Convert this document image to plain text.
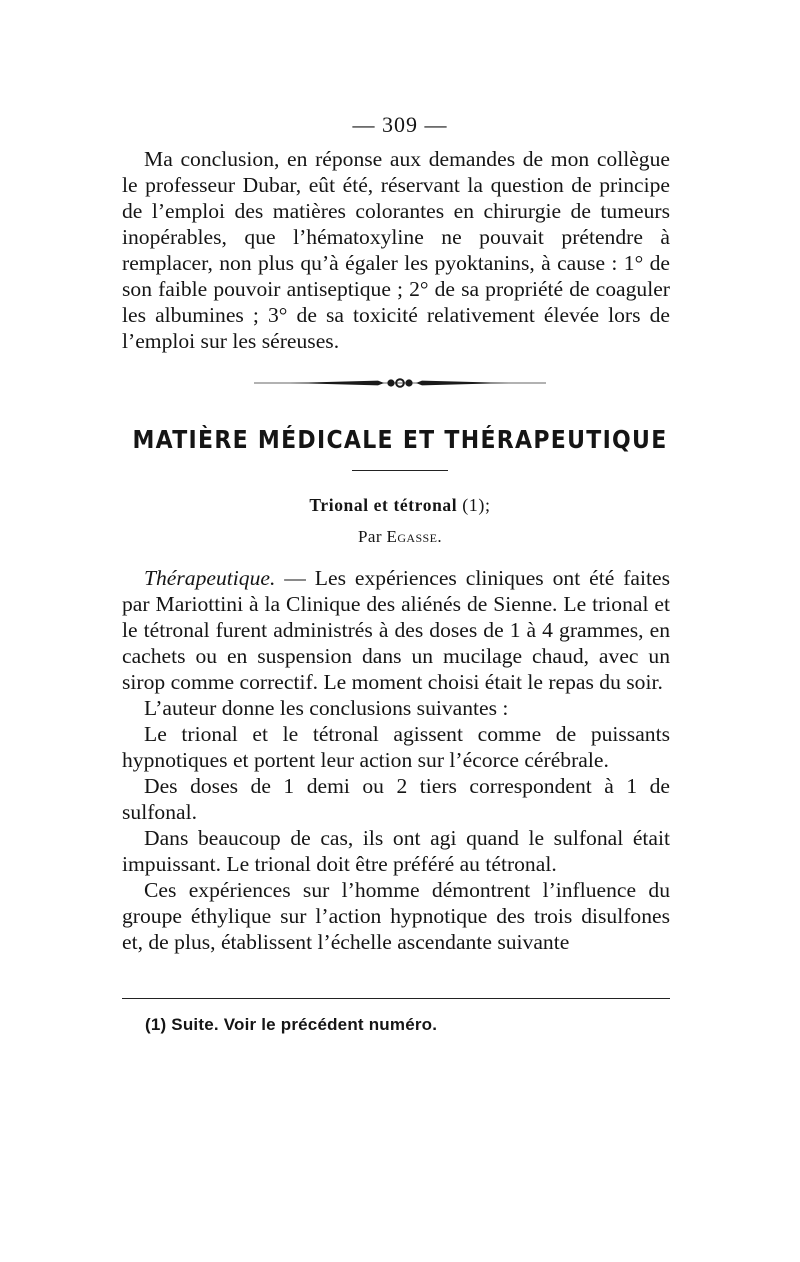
— 309 —

Ma conclusion, en réponse aux demandes de mon collègue le professeur Dubar, eût été, réservant la question de principe de l’emploi des matières colorantes en chirurgie de tumeurs inopérables, que l’hématoxyline ne pouvait prétendre à remplacer, non plus qu’à égaler les pyoktanins, à cause : 1° de son faible pouvoir antiseptique ; 2° de sa propriété de coaguler les albumines ; 3° de sa toxicité relativement élevée lors de l’emploi sur les séreuses.

MATIÈRE MÉDICALE ET THÉRAPEUTIQUE
Trional et tétronal (1);
Par Egasse.

Thérapeutique. — Les expériences cliniques ont été faites par Mariottini à la Clinique des aliénés de Sienne. Le trional et le tétronal furent administrés à des doses de 1 à 4 grammes, en cachets ou en suspension dans un mucilage chaud, avec un sirop comme correctif. Le moment choisi était le repas du soir.

L’auteur donne les conclusions suivantes :

Le trional et le tétronal agissent comme de puissants hypnotiques et portent leur action sur l’écorce cérébrale.

Des doses de 1 demi ou 2 tiers correspondent à 1 de sulfonal.

Dans beaucoup de cas, ils ont agi quand le sulfonal était impuissant. Le trional doit être préféré au tétronal.

Ces expériences sur l’homme démontrent l’influence du groupe éthylique sur l’action hypnotique des trois disulfones et, de plus, établissent l’échelle ascendante suivante

(1) Suite. Voir le précédent numéro.
